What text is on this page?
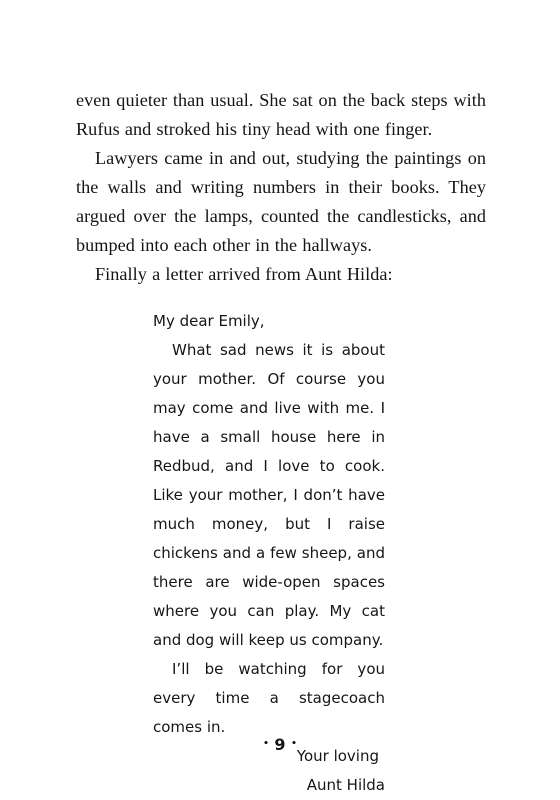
even quieter than usual. She sat on the back steps with Rufus and stroked his tiny head with one finger.

Lawyers came in and out, studying the paintings on the walls and writing numbers in their books. They argued over the lamps, counted the candlesticks, and bumped into each other in the hallways.

Finally a letter arrived from Aunt Hilda:

My dear Emily,

What sad news it is about your mother. Of course you may come and live with me. I have a small house here in Redbud, and I love to cook. Like your mother, I don’t have much money, but I raise chickens and a few sheep, and there are wide-open spaces where you can play. My cat and dog will keep us company.

I’ll be watching for you every time a stagecoach comes in.

Your loving

Aunt Hilda

• 9 •
